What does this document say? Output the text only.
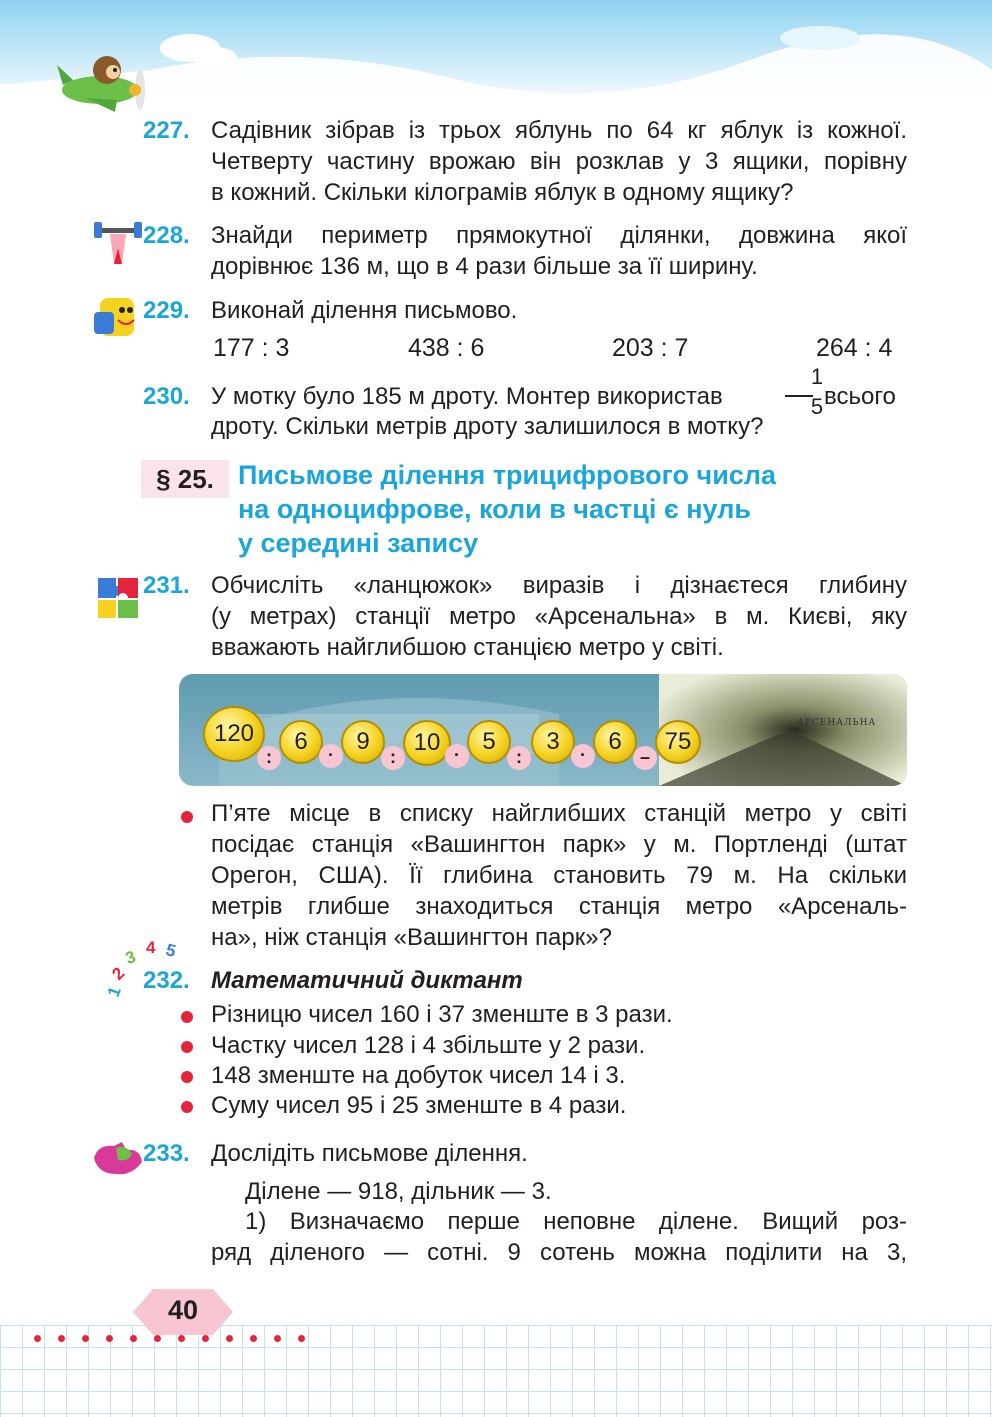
227. Садівник зібрав із трьох яблунь по 64 кг яблук із кожної.
Четверту частину врожаю він розклав у 3 ящики, порівну
в кожний. Скільки кілограмів яблук в одному ящику?
228. Знайди периметр прямокутної ділянки, довжина якої
дорівнює 136 м, що в 4 рази більше за її ширину.
229. Виконай ділення письмово.
177 : 3	438 : 6	203 : 7	264 : 4
230. У мотку було 185 м дроту. Монтер використав
1
5 всього
дроту. Скільки метрів дроту залишилося в мотку?
§ 25. Письмове ділення трицифрового числа
на одноцифрове, коли в частці є нуль
у середині запису
231. Обчисліть «ланцюжок» виразів і дізнаєтеся глибину
(у метрах) станції метро «Арсенальна» в м. Києві, яку
вважають найглибшою станцією метро у світі.
АРСЕНАЛЬНА
120
:
6	· 9
:
10 · 5
:
3	· 6
–
75
П’яте місце в списку найглибших станцій метро у світі
посідає станція «Вашингтон парк» у м. Портленді (штат
Орегон, США). Її глибина становить 79 м. На скільки
метрів глибше знаходиться станція метро «Арсеналь-
на», ніж станція «Вашингтон парк»?
1
2
3 4 5
232. Математичний диктант
Різницю чисел 160 і 37 зменште в 3 рази.
Частку чисел 128 і 4 збільште у 2 рази.
148 зменште на добуток чисел 14 і 3.
Суму чисел 95 і 25 зменште в 4 рази.
233. Дослідіть письмове ділення.
Ділене — 918, дільник — 3.
1) Визначаємо перше неповне ділене. Вищий роз-
ряд діленого — сотні. 9 сотень можна поділити на 3,
40
